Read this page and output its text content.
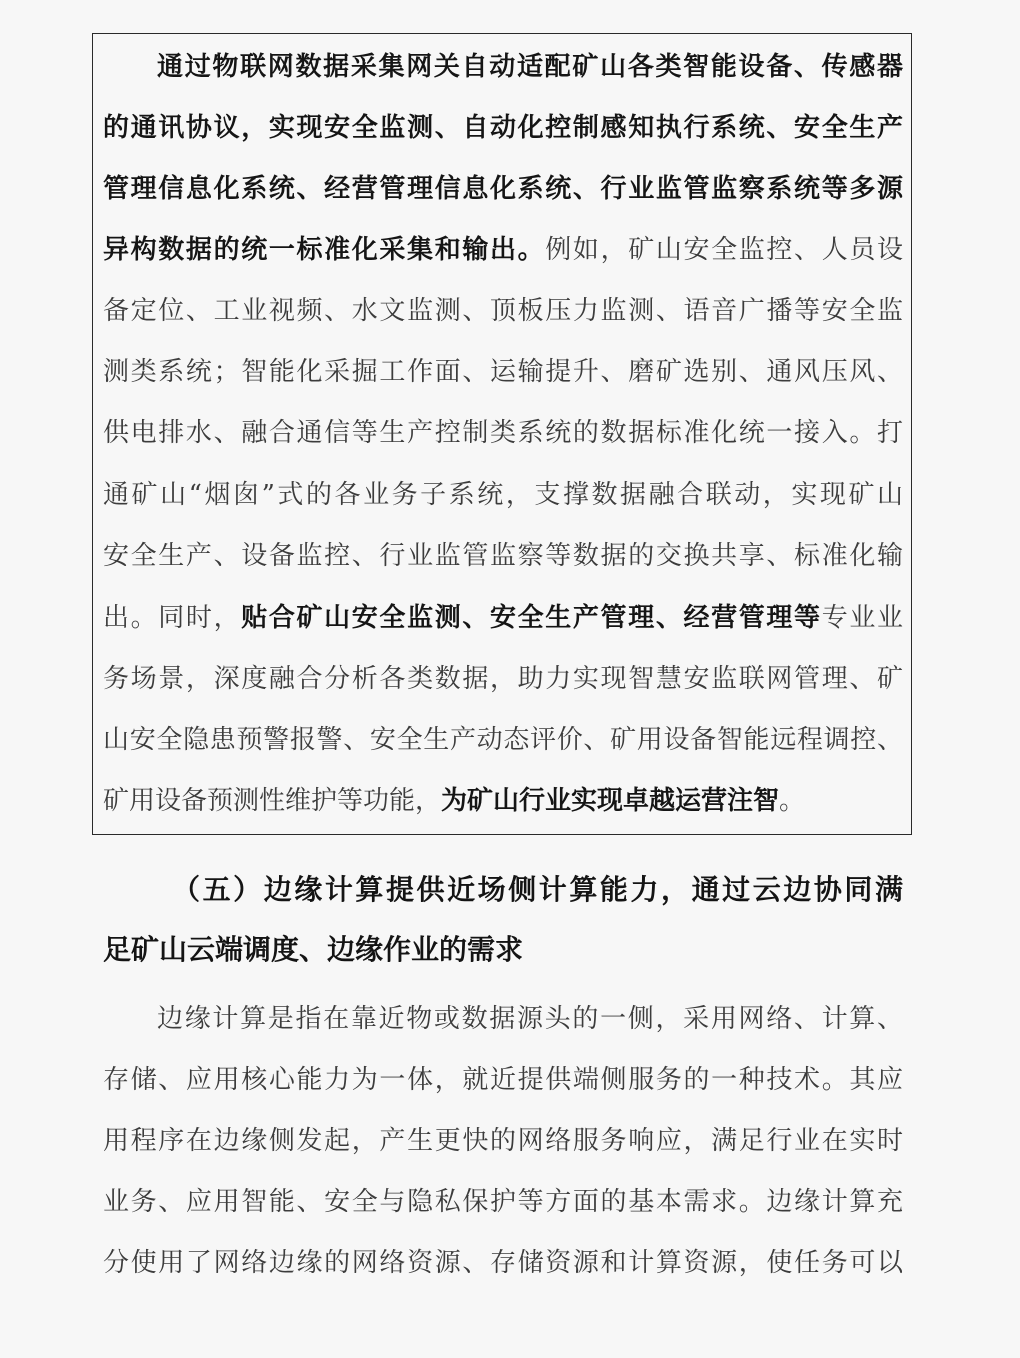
通过物联网数据采集网关自动适配矿山各类智能设备、传感器
的通讯协议，实现安全监测、自动化控制感知执行系统、安全生产
管理信息化系统、经营管理信息化系统、行业监管监察系统等多源
异构数据的统一标准化采集和输出。例如，矿山安全监控、人员设
备定位、工业视频、水文监测、顶板压力监测、语音广播等安全监
测类系统；智能化采掘工作面、运输提升、磨矿选别、通风压风、
供电排水、融合通信等生产控制类系统的数据标准化统一接入。打
通矿山“烟囱”式的各业务子系统，支撑数据融合联动，实现矿山
安全生产、设备监控、行业监管监察等数据的交换共享、标准化输
出。同时，贴合矿山安全监测、安全生产管理、经营管理等专业业
务场景，深度融合分析各类数据，助力实现智慧安监联网管理、矿
山安全隐患预警报警、安全生产动态评价、矿用设备智能远程调控、
矿用设备预测性维护等功能，为矿山行业实现卓越运营注智。
（五）边缘计算提供近场侧计算能力，通过云边协同满
足矿山云端调度、边缘作业的需求
边缘计算是指在靠近物或数据源头的一侧，采用网络、计算、
存储、应用核心能力为一体，就近提供端侧服务的一种技术。其应
用程序在边缘侧发起，产生更快的网络服务响应，满足行业在实时
业务、应用智能、安全与隐私保护等方面的基本需求。边缘计算充
分使用了网络边缘的网络资源、存储资源和计算资源，使任务可以
